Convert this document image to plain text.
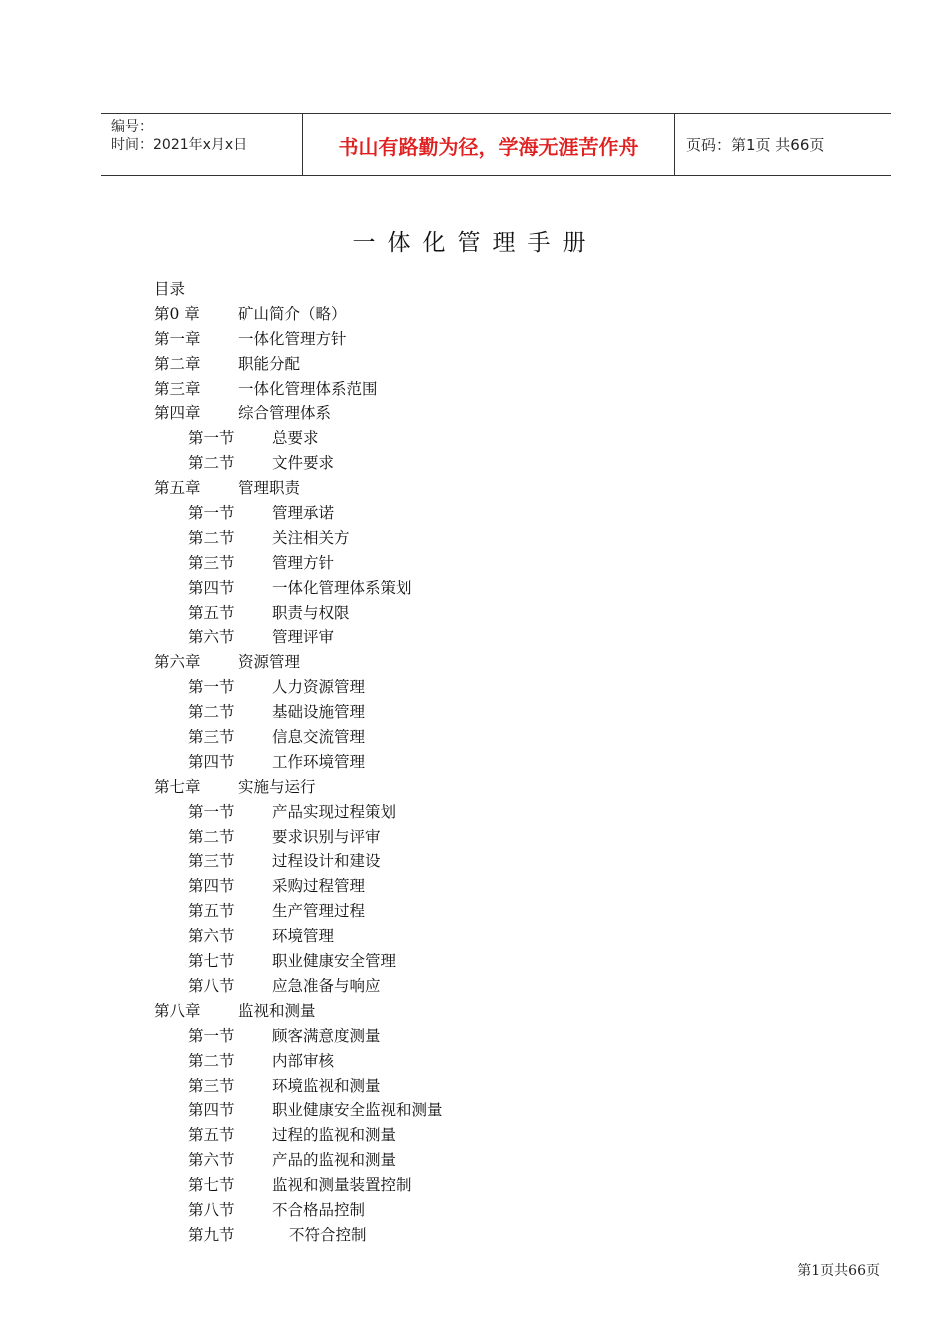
编号：
时间：2021年x月x日	书山有路勤为径，学海无涯苦作舟	页码：第1页 共66页
一体化管理手册
目录
第0 章 矿山简介（略）
第一章 一体化管理方针
第二章 职能分配
第三章 一体化管理体系范围
第四章 综合管理体系
第一节 总要求
第二节 文件要求
第五章 管理职责
第一节 管理承诺
第二节 关注相关方
第三节 管理方针
第四节 一体化管理体系策划
第五节 职责与权限
第六节 管理评审
第六章 资源管理
第一节 人力资源管理
第二节 基础设施管理
第三节 信息交流管理
第四节 工作环境管理
第七章 实施与运行
第一节 产品实现过程策划
第二节 要求识别与评审
第三节 过程设计和建设
第四节 采购过程管理
第五节 生产管理过程
第六节 环境管理
第七节 职业健康安全管理
第八节 应急准备与响应
第八章 监视和测量
第一节 顾客满意度测量
第二节 内部审核
第三节 环境监视和测量
第四节 职业健康安全监视和测量
第五节 过程的监视和测量
第六节 产品的监视和测量
第七节 监视和测量装置控制
第八节 不合格品控制
第九节	不符合控制
第1页共66页
